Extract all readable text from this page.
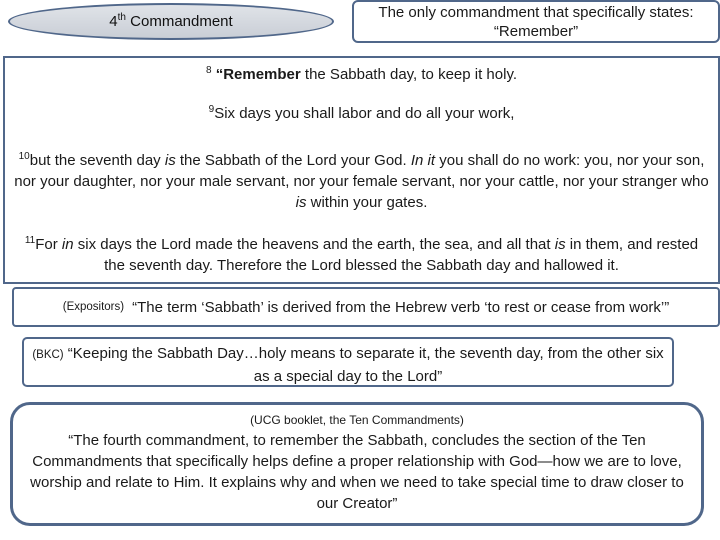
4th Commandment
The only commandment that specifically states:
“Remember”
$^8$ “Remember the Sabbath day, to keep it holy.
$^9$Six days you shall labor and do all your work,
$^{10}$but the seventh day is the Sabbath of the Lord your God. In it you shall do no work: you, nor your son, nor your daughter, nor your male servant, nor your female servant, nor your cattle, nor your stranger who is within your gates.
$^{11}$For in six days the Lord made the heavens and the earth, the sea, and all that is in them, and rested the seventh day. Therefore the Lord blessed the Sabbath day and hallowed it.
(Expositors) “The term ‘Sabbath’ is derived from the Hebrew verb ‘to rest or cease from work’”
(BKC) “Keeping the Sabbath Day…holy means to separate it, the seventh day, from the other six as a special day to the Lord”
(UCG booklet, the Ten Commandments)
“The fourth commandment, to remember the Sabbath, concludes the section of the Ten Commandments that specifically helps define a proper relationship with God—how we are to love, worship and relate to Him. It explains why and when we need to take special time to draw closer to our Creator”
